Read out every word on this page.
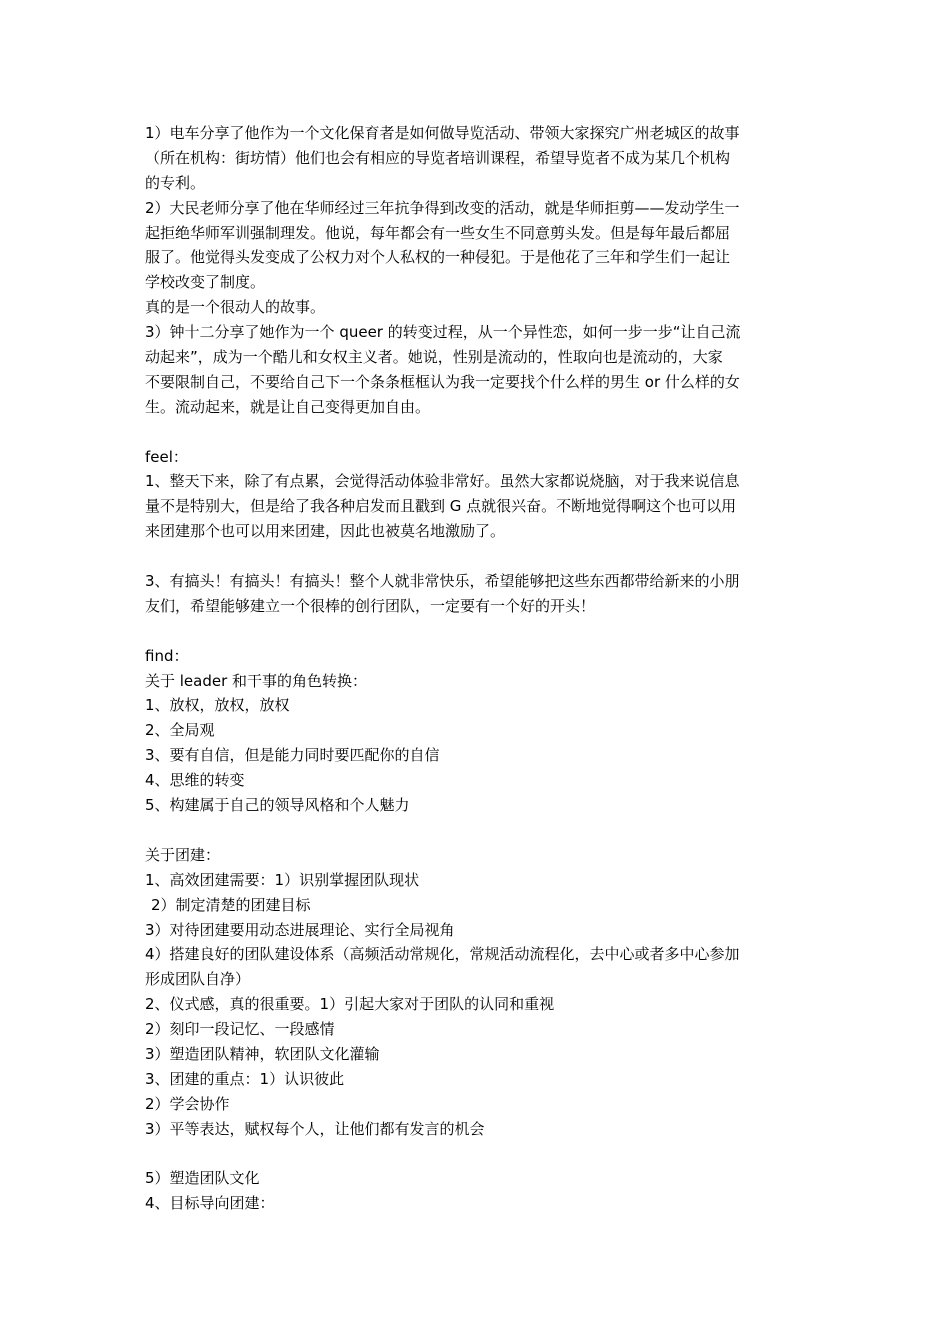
1）电车分享了他作为一个文化保育者是如何做导览活动、带领大家探究广州老城区的故事
（所在机构：街坊情）他们也会有相应的导览者培训课程，希望导览者不成为某几个机构
的专利。
2）大民老师分享了他在华师经过三年抗争得到改变的活动，就是华师拒剪——发动学生一
起拒绝华师军训强制理发。他说，每年都会有一些女生不同意剪头发。但是每年最后都屈
服了。他觉得头发变成了公权力对个人私权的一种侵犯。于是他花了三年和学生们一起让
学校改变了制度。
真的是一个很动人的故事。
3）钟十二分享了她作为一个 queer 的转变过程，从一个异性恋，如何一步一步“让自己流
动起来”，成为一个酷儿和女权主义者。她说，性别是流动的，性取向也是流动的，大家
不要限制自己，不要给自己下一个条条框框认为我一定要找个什么样的男生 or 什么样的女
生。流动起来，就是让自己变得更加自由。
feel：
1、整天下来，除了有点累，会觉得活动体验非常好。虽然大家都说烧脑，对于我来说信息
量不是特别大，但是给了我各种启发而且戳到 G 点就很兴奋。不断地觉得啊这个也可以用
来团建那个也可以用来团建，因此也被莫名地激励了。
3、有搞头！有搞头！有搞头！整个人就非常快乐，希望能够把这些东西都带给新来的小朋
友们，希望能够建立一个很棒的创行团队，一定要有一个好的开头！
find：
关于 leader 和干事的角色转换：
1、放权，放权，放权
2、全局观
3、要有自信，但是能力同时要匹配你的自信
4、思维的转变
5、构建属于自己的领导风格和个人魅力
关于团建：
1、高效团建需要：1）识别掌握团队现状
2）制定清楚的团建目标
3）对待团建要用动态进展理论、实行全局视角
4）搭建良好的团队建设体系（高频活动常规化，常规活动流程化，去中心或者多中心参加
形成团队自净）
2、仪式感，真的很重要。1）引起大家对于团队的认同和重视
2）刻印一段记忆、一段感情
3）塑造团队精神，软团队文化灌输
3、团建的重点：1）认识彼此
2）学会协作
3）平等表达，赋权每个人，让他们都有发言的机会
5）塑造团队文化
4、目标导向团建：
